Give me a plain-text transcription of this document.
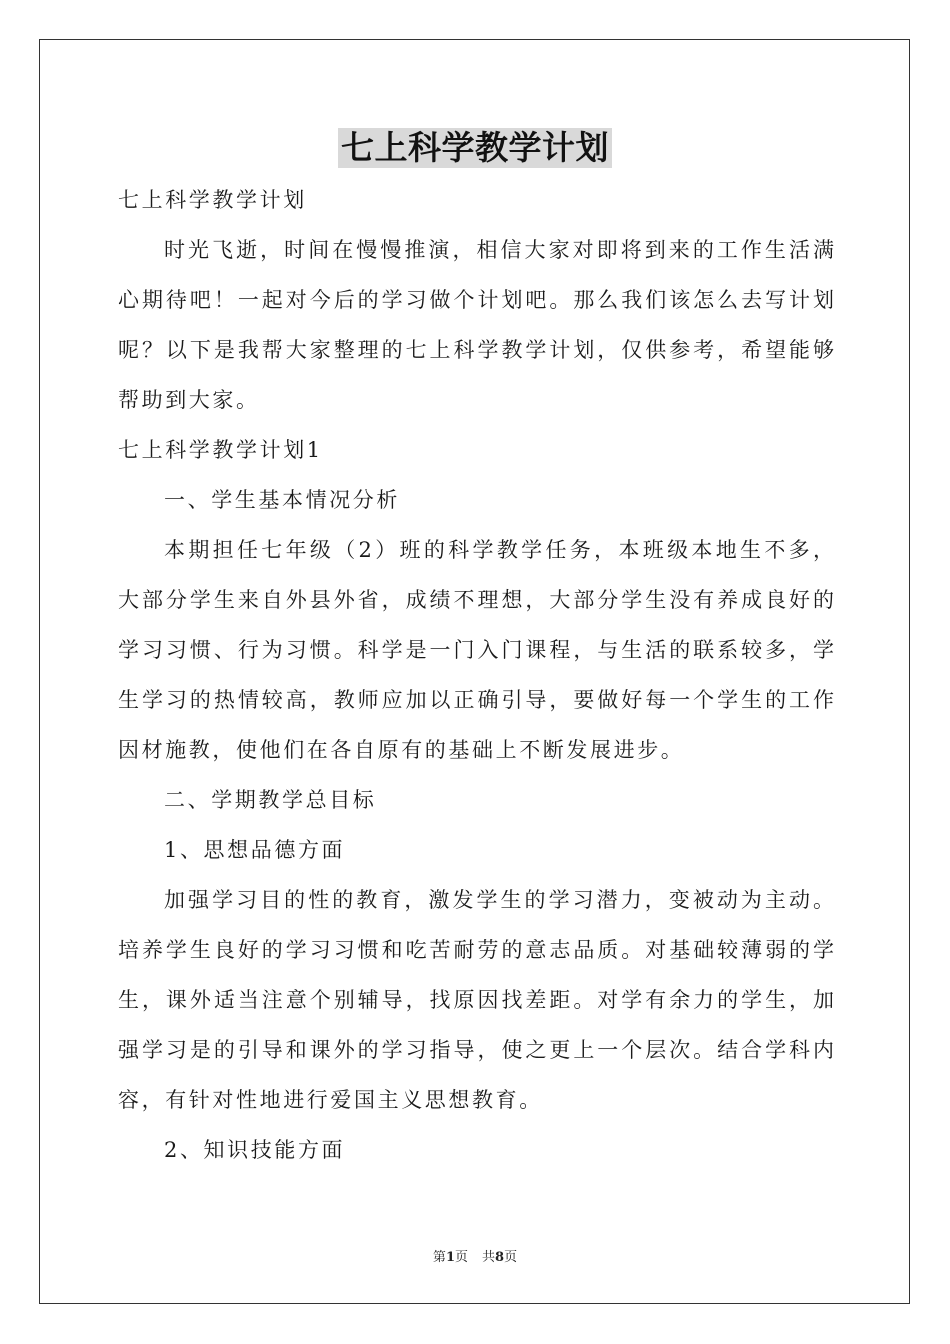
七上科学教学计划
七上科学教学计划
时光飞逝，时间在慢慢推演，相信大家对即将到来的工作生活满
心期待吧！一起对今后的学习做个计划吧。那么我们该怎么去写计划
呢？以下是我帮大家整理的七上科学教学计划，仅供参考，希望能够
帮助到大家。
七上科学教学计划1
一、学生基本情况分析
本期担任七年级（2）班的科学教学任务，本班级本地生不多，
大部分学生来自外县外省，成绩不理想，大部分学生没有养成良好的
学习习惯、行为习惯。科学是一门入门课程，与生活的联系较多，学
生学习的热情较高，教师应加以正确引导，要做好每一个学生的工作
因材施教，使他们在各自原有的基础上不断发展进步。
二、学期教学总目标
1、思想品德方面
加强学习目的性的教育，激发学生的学习潜力，变被动为主动。
培养学生良好的学习习惯和吃苦耐劳的意志品质。对基础较薄弱的学
生，课外适当注意个别辅导，找原因找差距。对学有余力的学生，加
强学习是的引导和课外的学习指导，使之更上一个层次。结合学科内
容，有针对性地进行爱国主义思想教育。
2、知识技能方面
第1页 共8页
